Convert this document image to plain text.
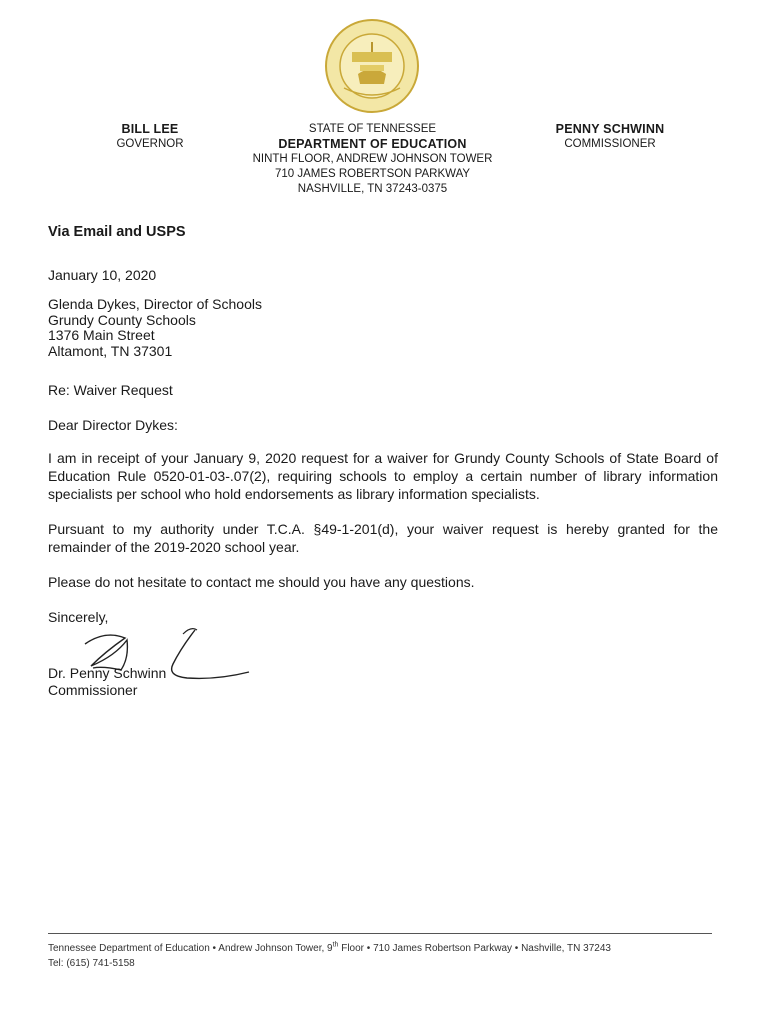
BILL LEE
GOVERNOR
STATE OF TENNESSEE
DEPARTMENT OF EDUCATION
NINTH FLOOR, ANDREW JOHNSON TOWER
710 JAMES ROBERTSON PARKWAY
NASHVILLE, TN 37243-0375
PENNY SCHWINN
COMMISSIONER
Via Email and USPS
January 10, 2020
Glenda Dykes, Director of Schools
Grundy County Schools
1376 Main Street
Altamont, TN 37301
Re: Waiver Request
Dear Director Dykes:
I am in receipt of your January 9, 2020 request for a waiver for Grundy County Schools of State Board of Education Rule 0520-01-03-.07(2), requiring schools to employ a certain number of library information specialists per school who hold endorsements as library information specialists.
Pursuant to my authority under T.C.A. §49-1-201(d), your waiver request is hereby granted for the remainder of the 2019-2020 school year.
Please do not hesitate to contact me should you have any questions.
Sincerely,
Dr. Penny Schwinn
Commissioner
Tennessee Department of Education • Andrew Johnson Tower, 9th Floor • 710 James Robertson Parkway • Nashville, TN 37243
Tel: (615) 741-5158
